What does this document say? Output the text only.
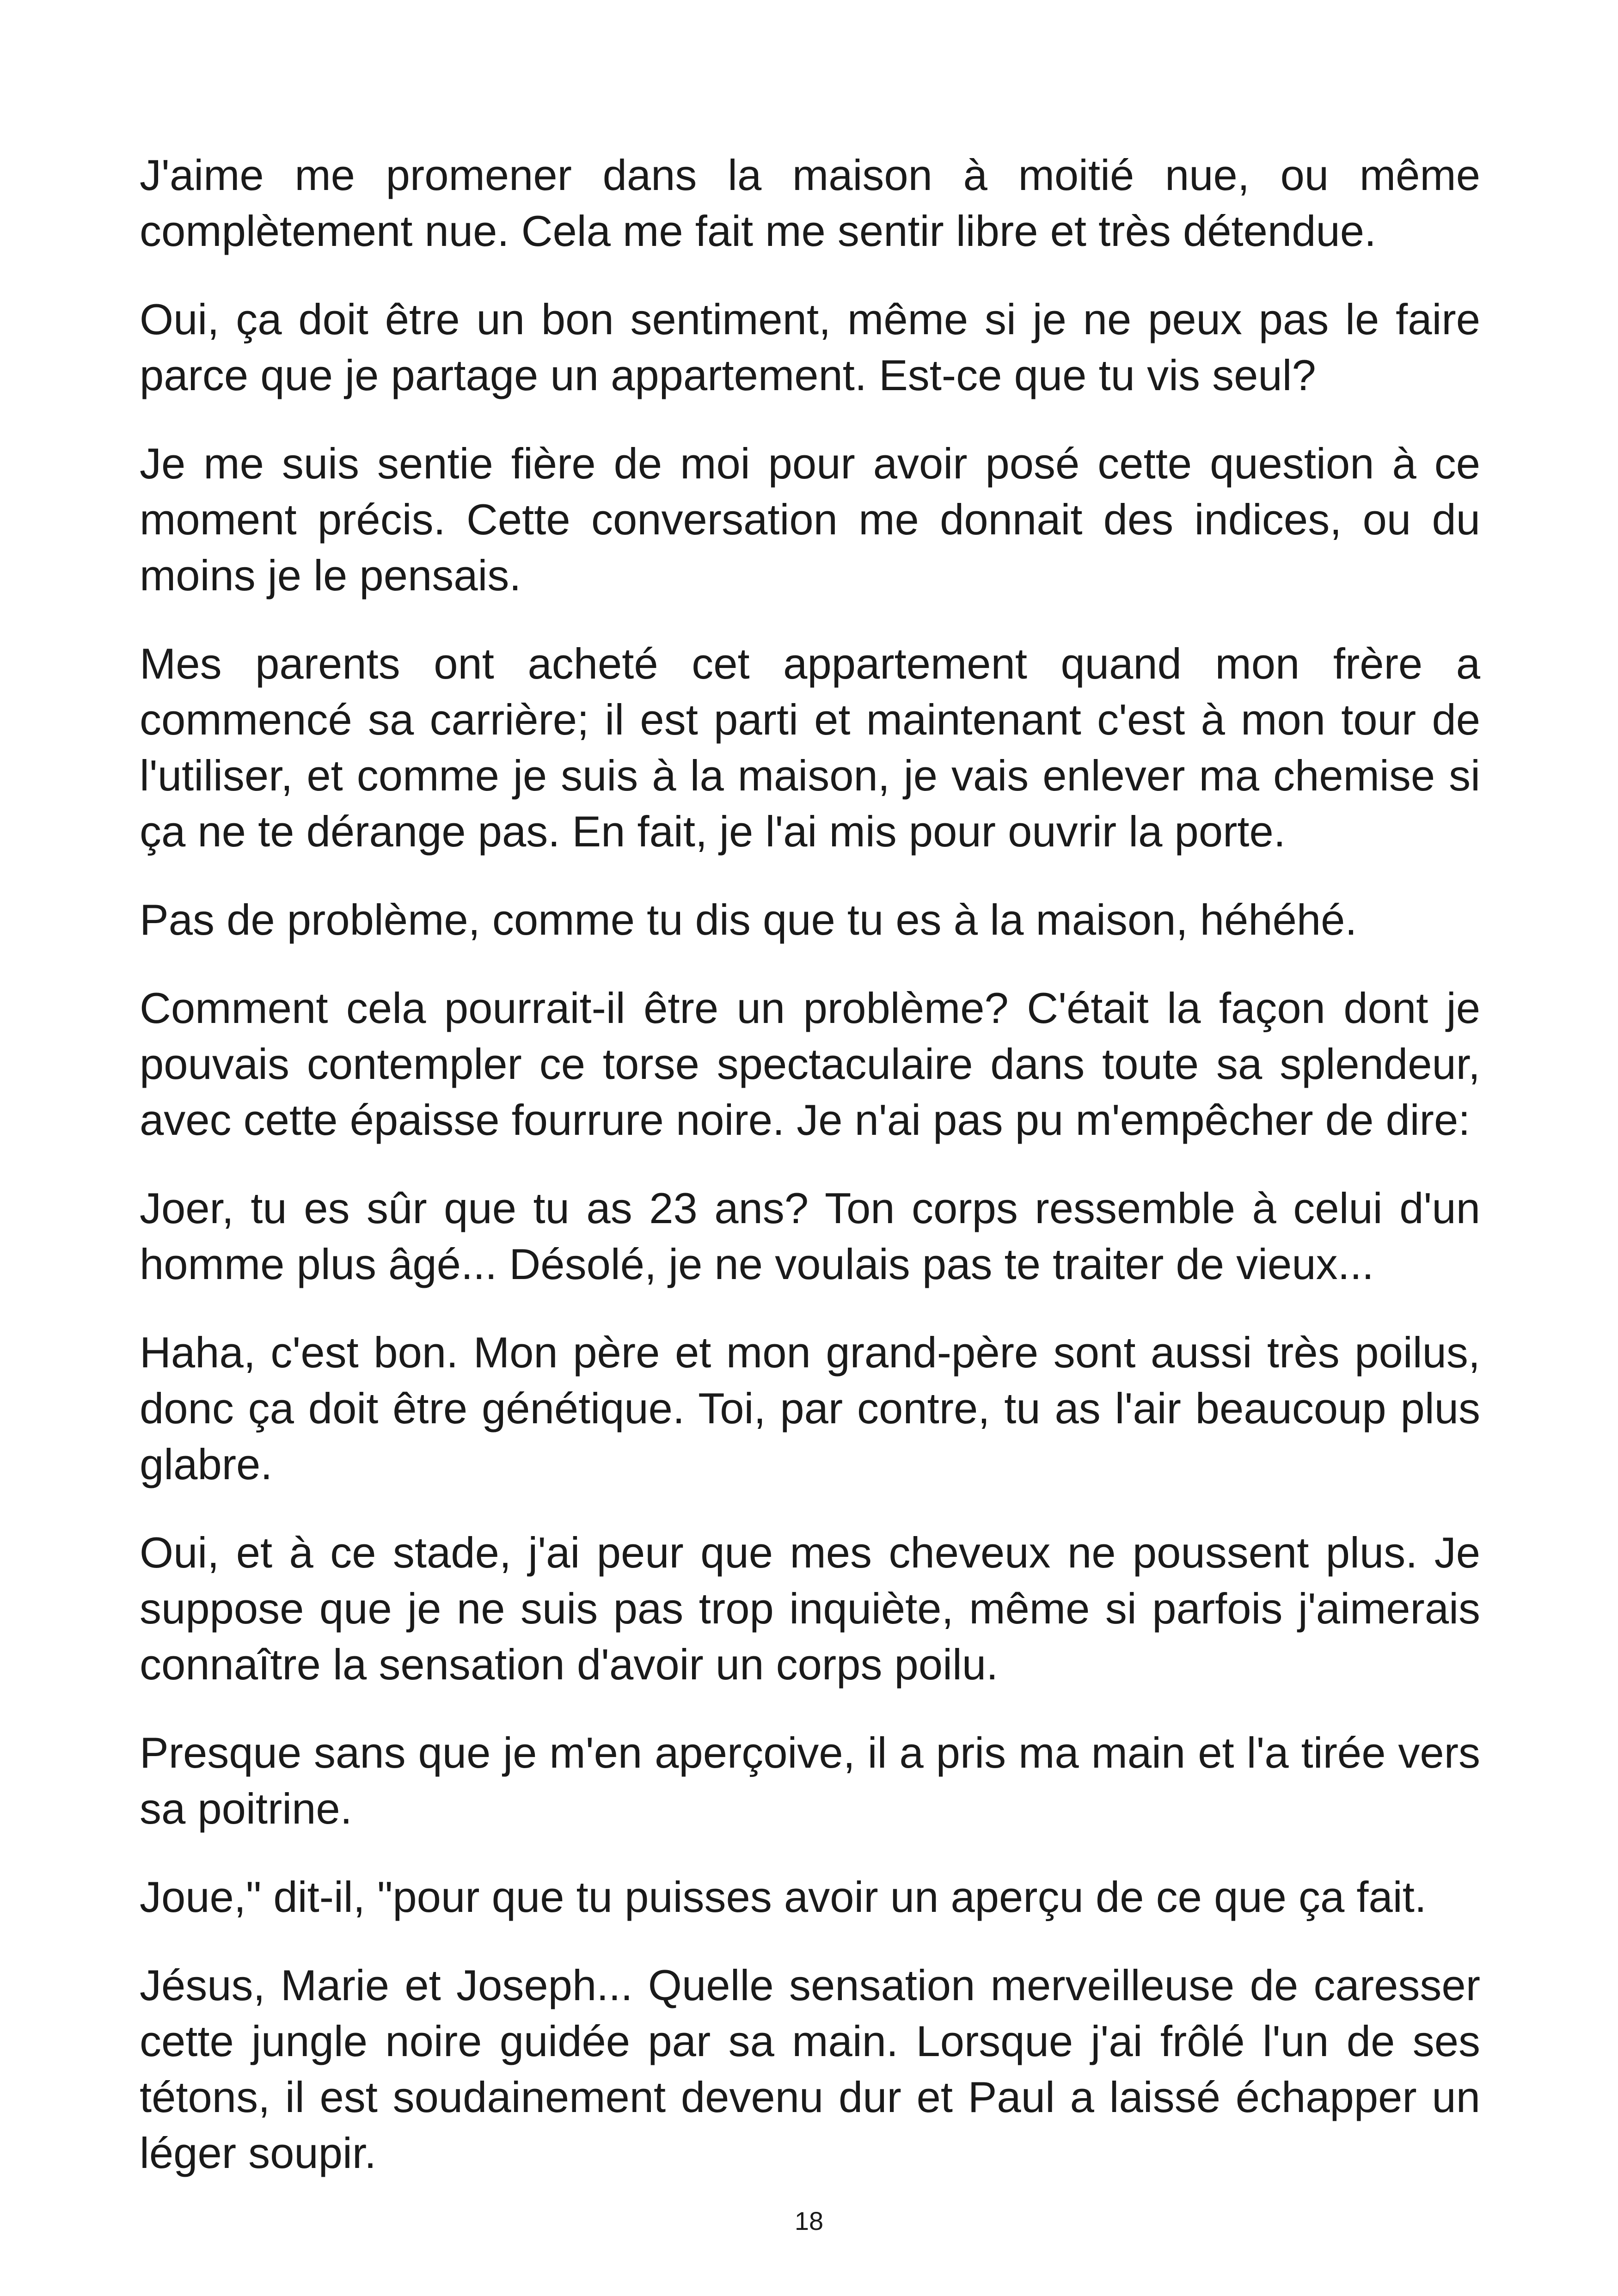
J'aime me promener dans la maison à moitié nue, ou même complètement nue. Cela me fait me sentir libre et très détendue.

Oui, ça doit être un bon sentiment, même si je ne peux pas le faire parce que je partage un appartement. Est-ce que tu vis seul?

Je me suis sentie fière de moi pour avoir posé cette question à ce moment précis. Cette conversation me donnait des indices, ou du moins je le pensais.

Mes parents ont acheté cet appartement quand mon frère a commencé sa carrière; il est parti et maintenant c'est à mon tour de l'utiliser, et comme je suis à la maison, je vais enlever ma chemise si ça ne te dérange pas. En fait, je l'ai mis pour ouvrir la porte.

Pas de problème, comme tu dis que tu es à la maison, héhéhé.

Comment cela pourrait-il être un problème? C'était la façon dont je pouvais contempler ce torse spectaculaire dans toute sa splendeur, avec cette épaisse fourrure noire. Je n'ai pas pu m'empêcher de dire:

Joer, tu es sûr que tu as 23 ans? Ton corps ressemble à celui d'un homme plus âgé... Désolé, je ne voulais pas te traiter de vieux...

Haha, c'est bon. Mon père et mon grand-père sont aussi très poilus, donc ça doit être génétique. Toi, par contre, tu as l'air beaucoup plus glabre.

Oui, et à ce stade, j'ai peur que mes cheveux ne poussent plus. Je suppose que je ne suis pas trop inquiète, même si parfois j'aimerais connaître la sensation d'avoir un corps poilu.

Presque sans que je m'en aperçoive, il a pris ma main et l'a tirée vers sa poitrine.

Joue," dit-il, "pour que tu puisses avoir un aperçu de ce que ça fait.

Jésus, Marie et Joseph... Quelle sensation merveilleuse de caresser cette jungle noire guidée par sa main. Lorsque j'ai frôlé l'un de ses tétons, il est soudainement devenu dur et Paul a laissé échapper un léger soupir.

18
